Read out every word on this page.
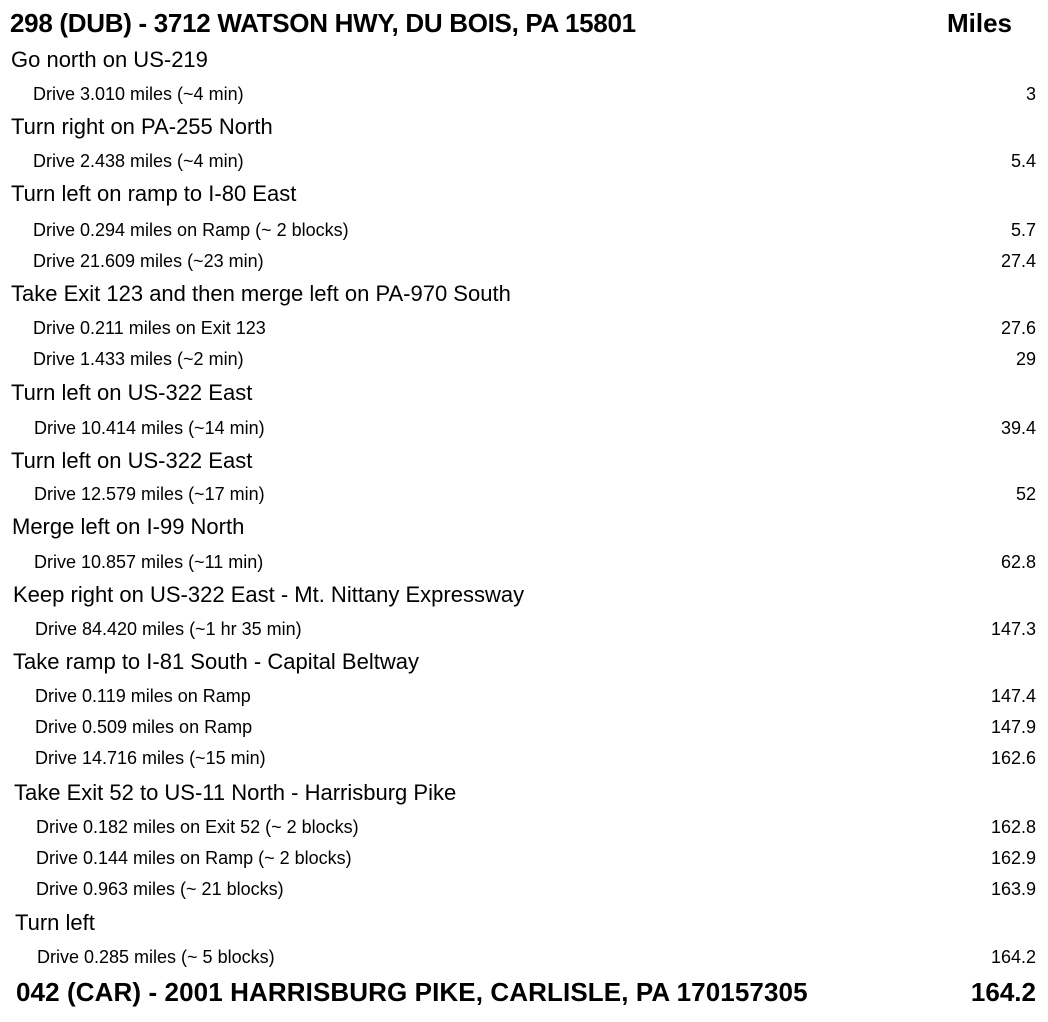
298 (DUB) - 3712 WATSON HWY, DU BOIS, PA 15801	Miles
Go north on US-219
Drive 3.010 miles (~4 min)	3
Turn right on PA-255 North
Drive 2.438 miles (~4 min)	5.4
Turn left on ramp to I-80 East
Drive 0.294 miles on Ramp (~ 2 blocks)	5.7
Drive 21.609 miles (~23 min)	27.4
Take Exit 123 and then merge left on PA-970 South
Drive 0.211 miles on Exit 123	27.6
Drive 1.433 miles (~2 min)	29
Turn left on US-322 East
Drive 10.414 miles (~14 min)	39.4
Turn left on US-322 East
Drive 12.579 miles (~17 min)	52
Merge left on I-99 North
Drive 10.857 miles (~11 min)	62.8
Keep right on US-322 East - Mt. Nittany Expressway
Drive 84.420 miles (~1 hr 35 min)	147.3
Take ramp to I-81 South - Capital Beltway
Drive 0.119 miles on Ramp	147.4
Drive 0.509 miles on Ramp	147.9
Drive 14.716 miles (~15 min)	162.6
Take Exit 52 to US-11 North - Harrisburg Pike
Drive 0.182 miles on Exit 52 (~ 2 blocks)	162.8
Drive 0.144 miles on Ramp (~ 2 blocks)	162.9
Drive 0.963 miles (~ 21 blocks)	163.9
Turn left
Drive 0.285 miles (~ 5 blocks)	164.2
042 (CAR) - 2001 HARRISBURG PIKE, CARLISLE, PA 170157305	164.2
